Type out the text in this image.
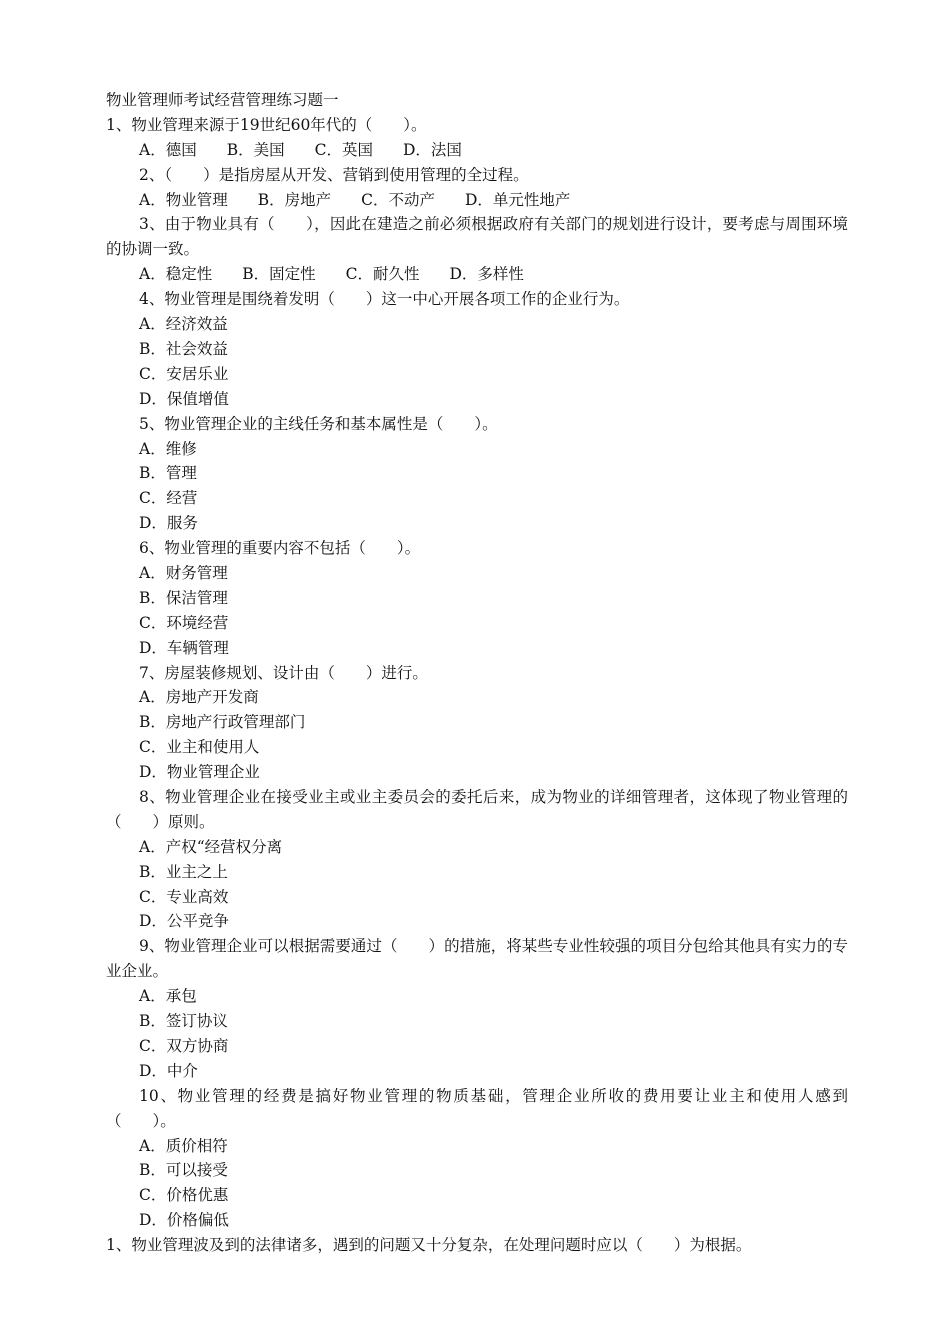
物业管理师考试经营管理练习题一
1、物业管理来源于19世纪60年代的（　　）。
A．德国 B．美国 C．英国 D．法国
2、（　　）是指房屋从开发、营销到使用管理的全过程。
A．物业管理 B．房地产 C．不动产 D．单元性地产
3、由于物业具有（　　），因此在建造之前必须根据政府有关部门的规划进行设计，要考虑与周围环境的协调一致。
A．稳定性 B．固定性 C．耐久性 D．多样性
4、物业管理是围绕着发明（　　）这一中心开展各项工作的企业行为。
A．经济效益
B．社会效益
C．安居乐业
D．保值增值
5、物业管理企业的主线任务和基本属性是（　　）。
A．维修
B．管理
C．经营
D．服务
6、物业管理的重要内容不包括（　　）。
A．财务管理
B．保洁管理
C．环境经营
D．车辆管理
7、房屋装修规划、设计由（　　）进行。
A．房地产开发商
B．房地产行政管理部门
C．业主和使用人
D．物业管理企业
8、物业管理企业在接受业主或业主委员会的委托后来，成为物业的详细管理者，这体现了物业管理的（　　）原则。
A．产权“经营权分离
B．业主之上
C．专业高效
D．公平竞争
9、物业管理企业可以根据需要通过（　　）的措施，将某些专业性较强的项目分包给其他具有实力的专业企业。
A．承包
B．签订协议
C．双方协商
D．中介
10、物业管理的经费是搞好物业管理的物质基础，管理企业所收的费用要让业主和使用人感到（　　）。
A．质价相符
B．可以接受
C．价格优惠
D．价格偏低
1、物业管理波及到的法律诸多，遇到的问题又十分复杂，在处理问题时应以（　　）为根据。
